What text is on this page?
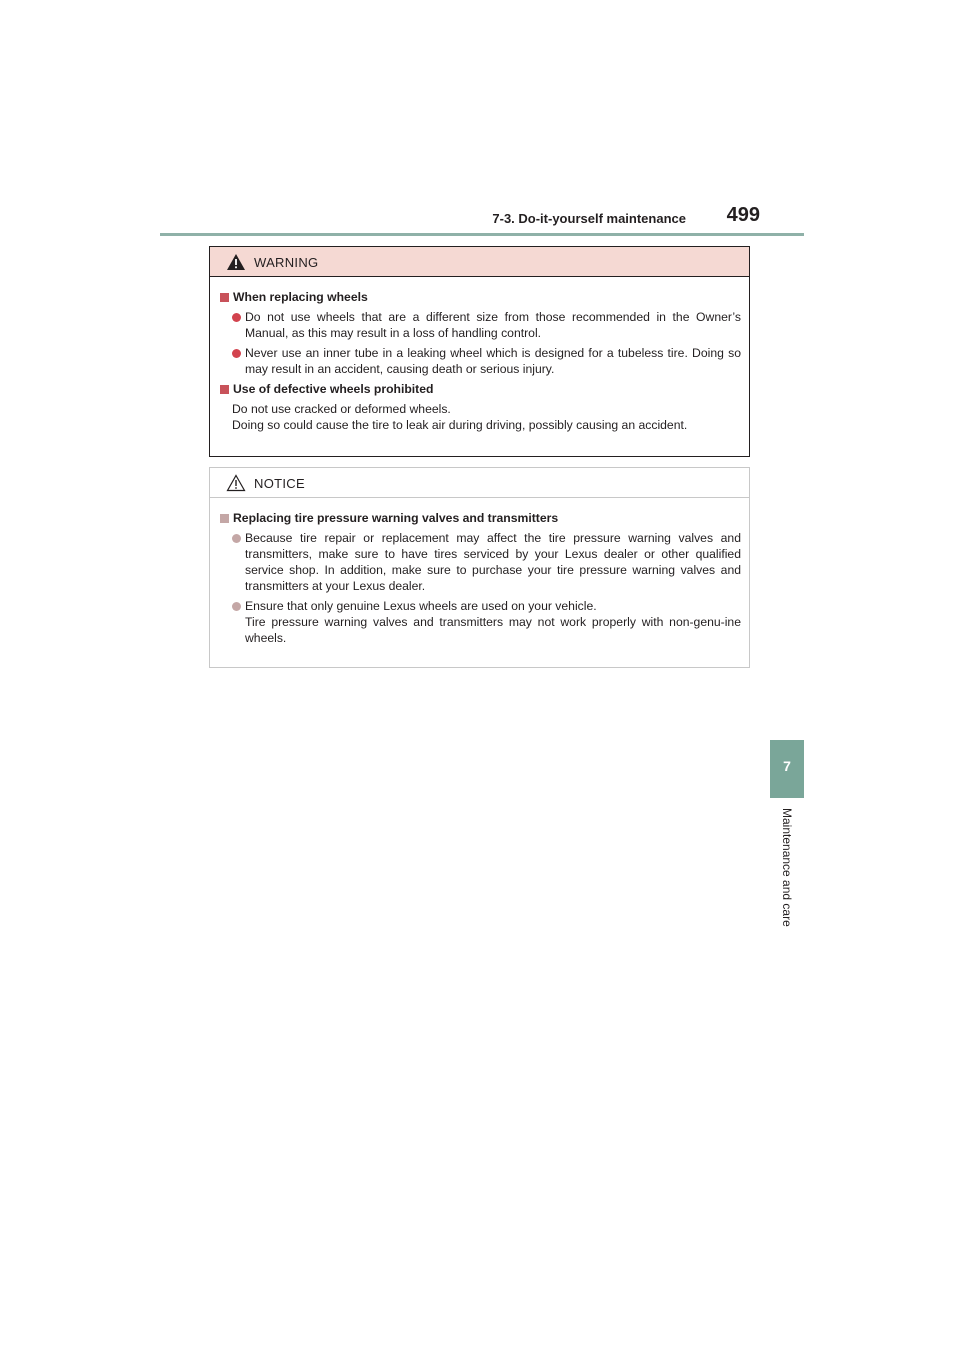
7-3. Do-it-yourself maintenance 499
7
Maintenance and care
WARNING
When replacing wheels
Do not use wheels that are a different size from those recommended in the Owner’s Manual, as this may result in a loss of handling control.
Never use an inner tube in a leaking wheel which is designed for a tubeless tire. Doing so may result in an accident, causing death or serious injury.
Use of defective wheels prohibited
Do not use cracked or deformed wheels.
Doing so could cause the tire to leak air during driving, possibly causing an accident.
NOTICE
Replacing tire pressure warning valves and transmitters
Because tire repair or replacement may affect the tire pressure warning valves and transmitters, make sure to have tires serviced by your Lexus dealer or other qualified service shop. In addition, make sure to purchase your tire pressure warning valves and transmitters at your Lexus dealer.
Ensure that only genuine Lexus wheels are used on your vehicle.
Tire pressure warning valves and transmitters may not work properly with non-genu-ine wheels.
